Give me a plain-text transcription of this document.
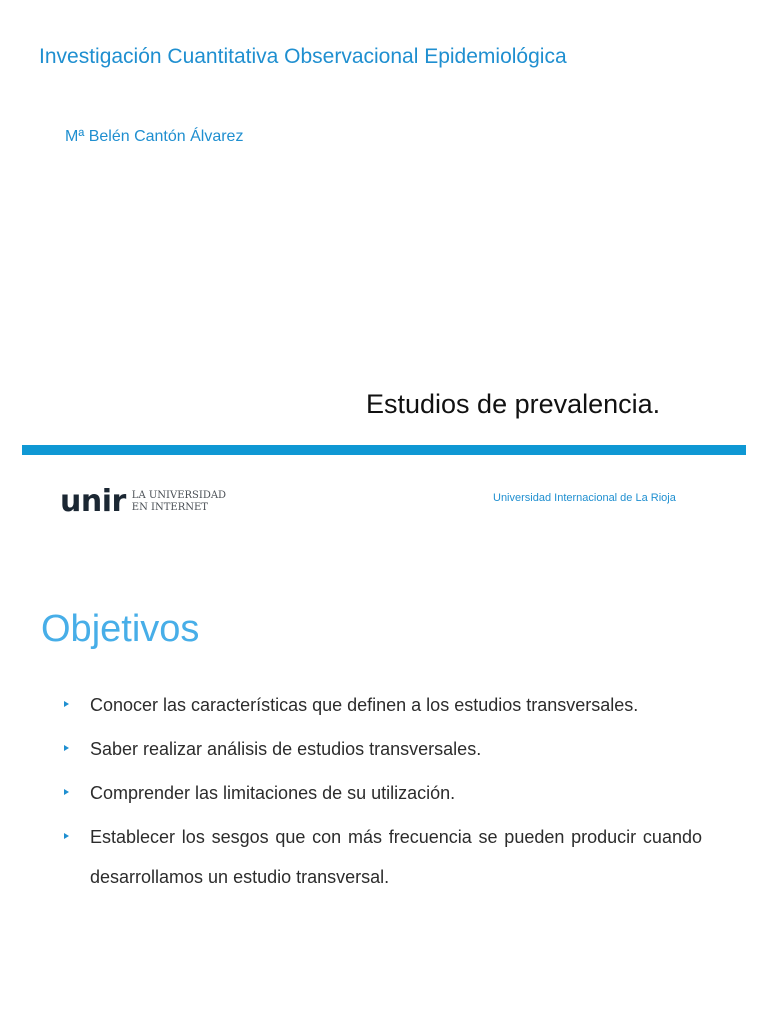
Investigación Cuantitativa Observacional Epidemiológica
Mª Belén Cantón Álvarez
Estudios de prevalencia.
unir LA UNIVERSIDAD
EN INTERNET
Universidad Internacional de La Rioja
Objetivos
Conocer las características que definen a los estudios transversales.
Saber realizar análisis de estudios transversales.
Comprender las limitaciones de su utilización.
Establecer los sesgos que con más frecuencia se pueden producir cuando desarrollamos un estudio transversal.
